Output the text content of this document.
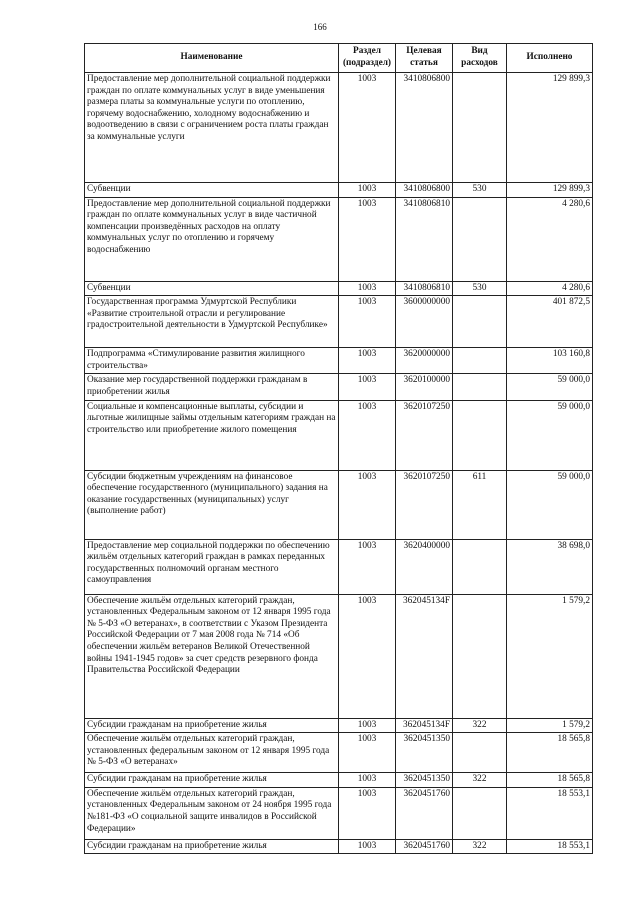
166
Наименование	Раздел (подраздел)	Целевая статья	Вид расходов	Исполнено
Предоставление мер дополнительной социальной поддержки граждан по оплате коммунальных услуг в виде уменьшения размера платы за коммунальные услуги по отоплению, горячему водоснабжению, холодному водоснабжению и водоотведению в связи с ограничением роста платы граждан за коммунальные услуги	1003	3410806800		129 899,3
Субвенции	1003	3410806800	530	129 899,3
Предоставление мер дополнительной социальной поддержки граждан по оплате коммунальных услуг в виде частичной компенсации произведённых расходов на оплату коммунальных услуг по отоплению и горячему водоснабжению	1003	3410806810		4 280,6
Субвенции	1003	3410806810	530	4 280,6
Государственная программа Удмуртской Республики «Развитие строительной отрасли и регулирование градостроительной деятельности в Удмуртской Республике»	1003	3600000000		401 872,5
Подпрограмма «Стимулирование развития жилищного строительства»	1003	3620000000		103 160,8
Оказание мер государственной поддержки гражданам в приобретении жилья	1003	3620100000		59 000,0
Социальные и компенсационные выплаты, субсидии и льготные жилищные займы отдельным категориям граждан на строительство или приобретение жилого помещения	1003	3620107250		59 000,0
Субсидии бюджетным учреждениям на финансовое обеспечение государственного (муниципального) задания на оказание государственных (муниципальных) услуг (выполнение работ)	1003	3620107250	611	59 000,0
Предоставление мер социальной поддержки по обеспечению жильём отдельных категорий граждан в рамках переданных государственных полномочий органам местного самоуправления	1003	3620400000		38 698,0
Обеспечение жильём отдельных категорий граждан, установленных Федеральным законом от 12 января 1995 года № 5-ФЗ «О ветеранах», в соответствии с Указом Президента Российской Федерации от 7 мая 2008 года № 714 «Об обеспечении жильём ветеранов Великой Отечественной войны 1941-1945 годов» за счет средств резервного фонда Правительства Российской Федерации	1003	362045134F		1 579,2
Субсидии гражданам на приобретение жилья	1003	362045134F	322	1 579,2
Обеспечение жильём отдельных категорий граждан, установленных федеральным законом от 12 января 1995 года № 5-ФЗ «О ветеранах»	1003	3620451350		18 565,8
Субсидии гражданам на приобретение жилья	1003	3620451350	322	18 565,8
Обеспечение жильём отдельных категорий граждан, установленных Федеральным законом от 24 ноября 1995 года №181-ФЗ «О социальной защите инвалидов в Российской Федерации»	1003	3620451760		18 553,1
Субсидии гражданам на приобретение жилья	1003	3620451760	322	18 553,1
